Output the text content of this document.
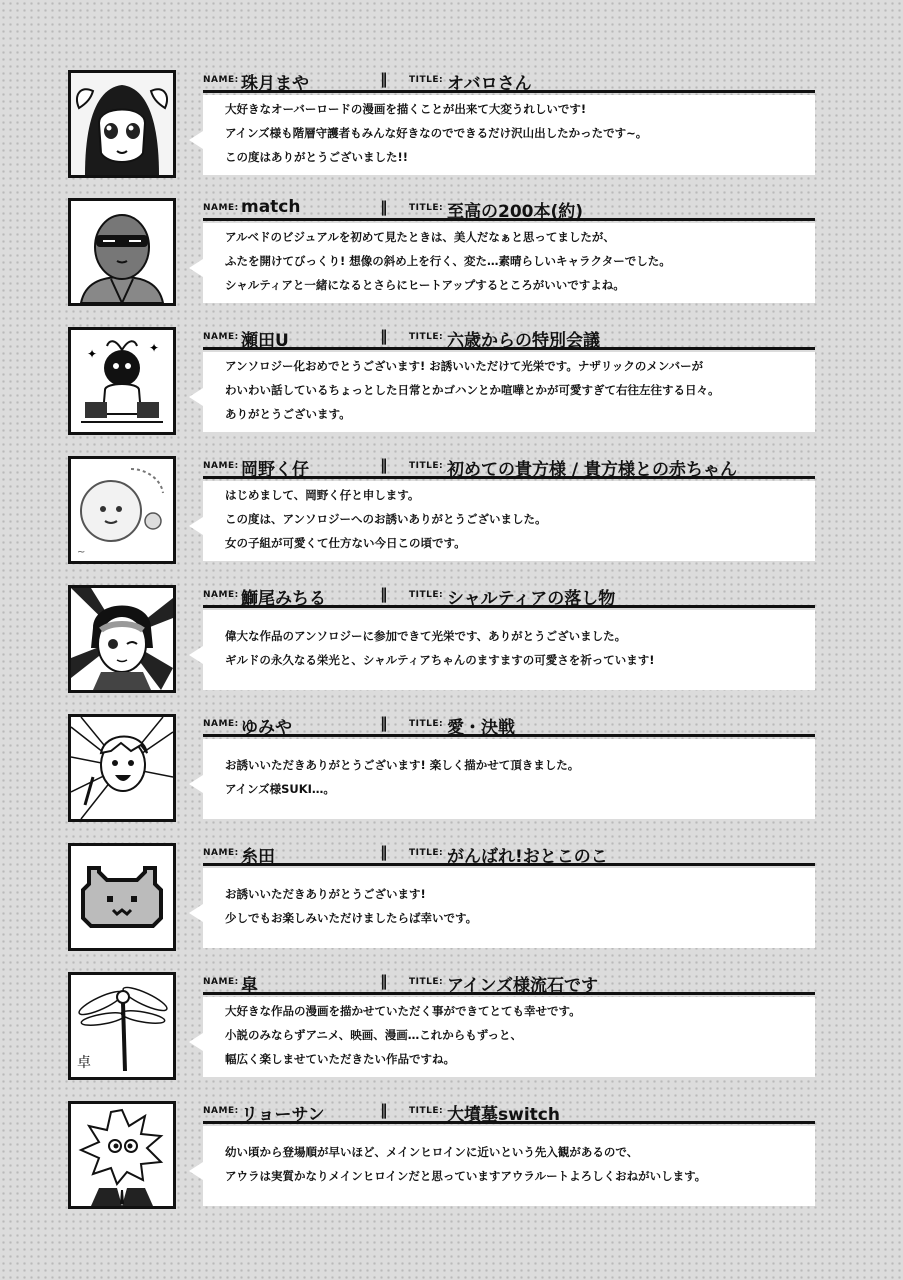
NAME: 珠月まや	‖ TITLE: オバロさん
大好きなオーバーロードの漫画を描くことが出来て大変うれしいです!
アインズ様も階層守護者もみんな好きなのでできるだけ沢山出したかったです~。
この度はありがとうございました!!
NAME: match	‖ TITLE: 至高の200本(約)
アルベドのビジュアルを初めて見たときは、美人だなぁと思ってましたが、
ふたを開けてびっくり! 想像の斜め上を行く、変た…素晴らしいキャラクターでした。
シャルティアと一緒になるとさらにヒートアップするところがいいですよね。
✦	✦
NAME: 瀬田U	‖ TITLE: 六歳からの特別会議
アンソロジー化おめでとうございます! お誘いいただけて光栄です。ナザリックのメンバーが
わいわい話しているちょっとした日常とかゴハンとか喧嘩とかが可愛すぎて右往左往する日々。
ありがとうございます。
~
NAME: 岡野く仔	‖ TITLE: 初めての貴方様 / 貴方様との赤ちゃん
はじめまして、岡野く仔と申します。
この度は、アンソロジーへのお誘いありがとうございました。
女の子組が可愛くて仕方ない今日この頃です。
NAME: 鰤尾みちる	‖ TITLE: シャルティアの落し物
偉大な作品のアンソロジーに参加できて光栄です、ありがとうございました。
ギルドの永久なる栄光と、シャルティアちゃんのますますの可愛さを祈っています!
NAME: ゆみや	‖ TITLE: 愛・決戦
お誘いいただきありがとうございます! 楽しく描かせて頂きました。
アインズ様SUKI…。
NAME: 糸田	‖ TITLE: がんばれ!おとこのこ
お誘いいただきありがとうございます!
少しでもお楽しみいただけましたらば幸いです。
卓
NAME: 皐	‖ TITLE: アインズ様流石です
大好きな作品の漫画を描かせていただく事ができてとても幸せです。
小説のみならずアニメ、映画、漫画…これからもずっと、
幅広く楽しませていただきたい作品ですね。
NAME: リョーサン	‖ TITLE: 大墳墓switch
幼い頃から登場順が早いほど、メインヒロインに近いという先入観があるので、
アウラは実質かなりメインヒロインだと思っていますアウラルートよろしくおねがいします。
